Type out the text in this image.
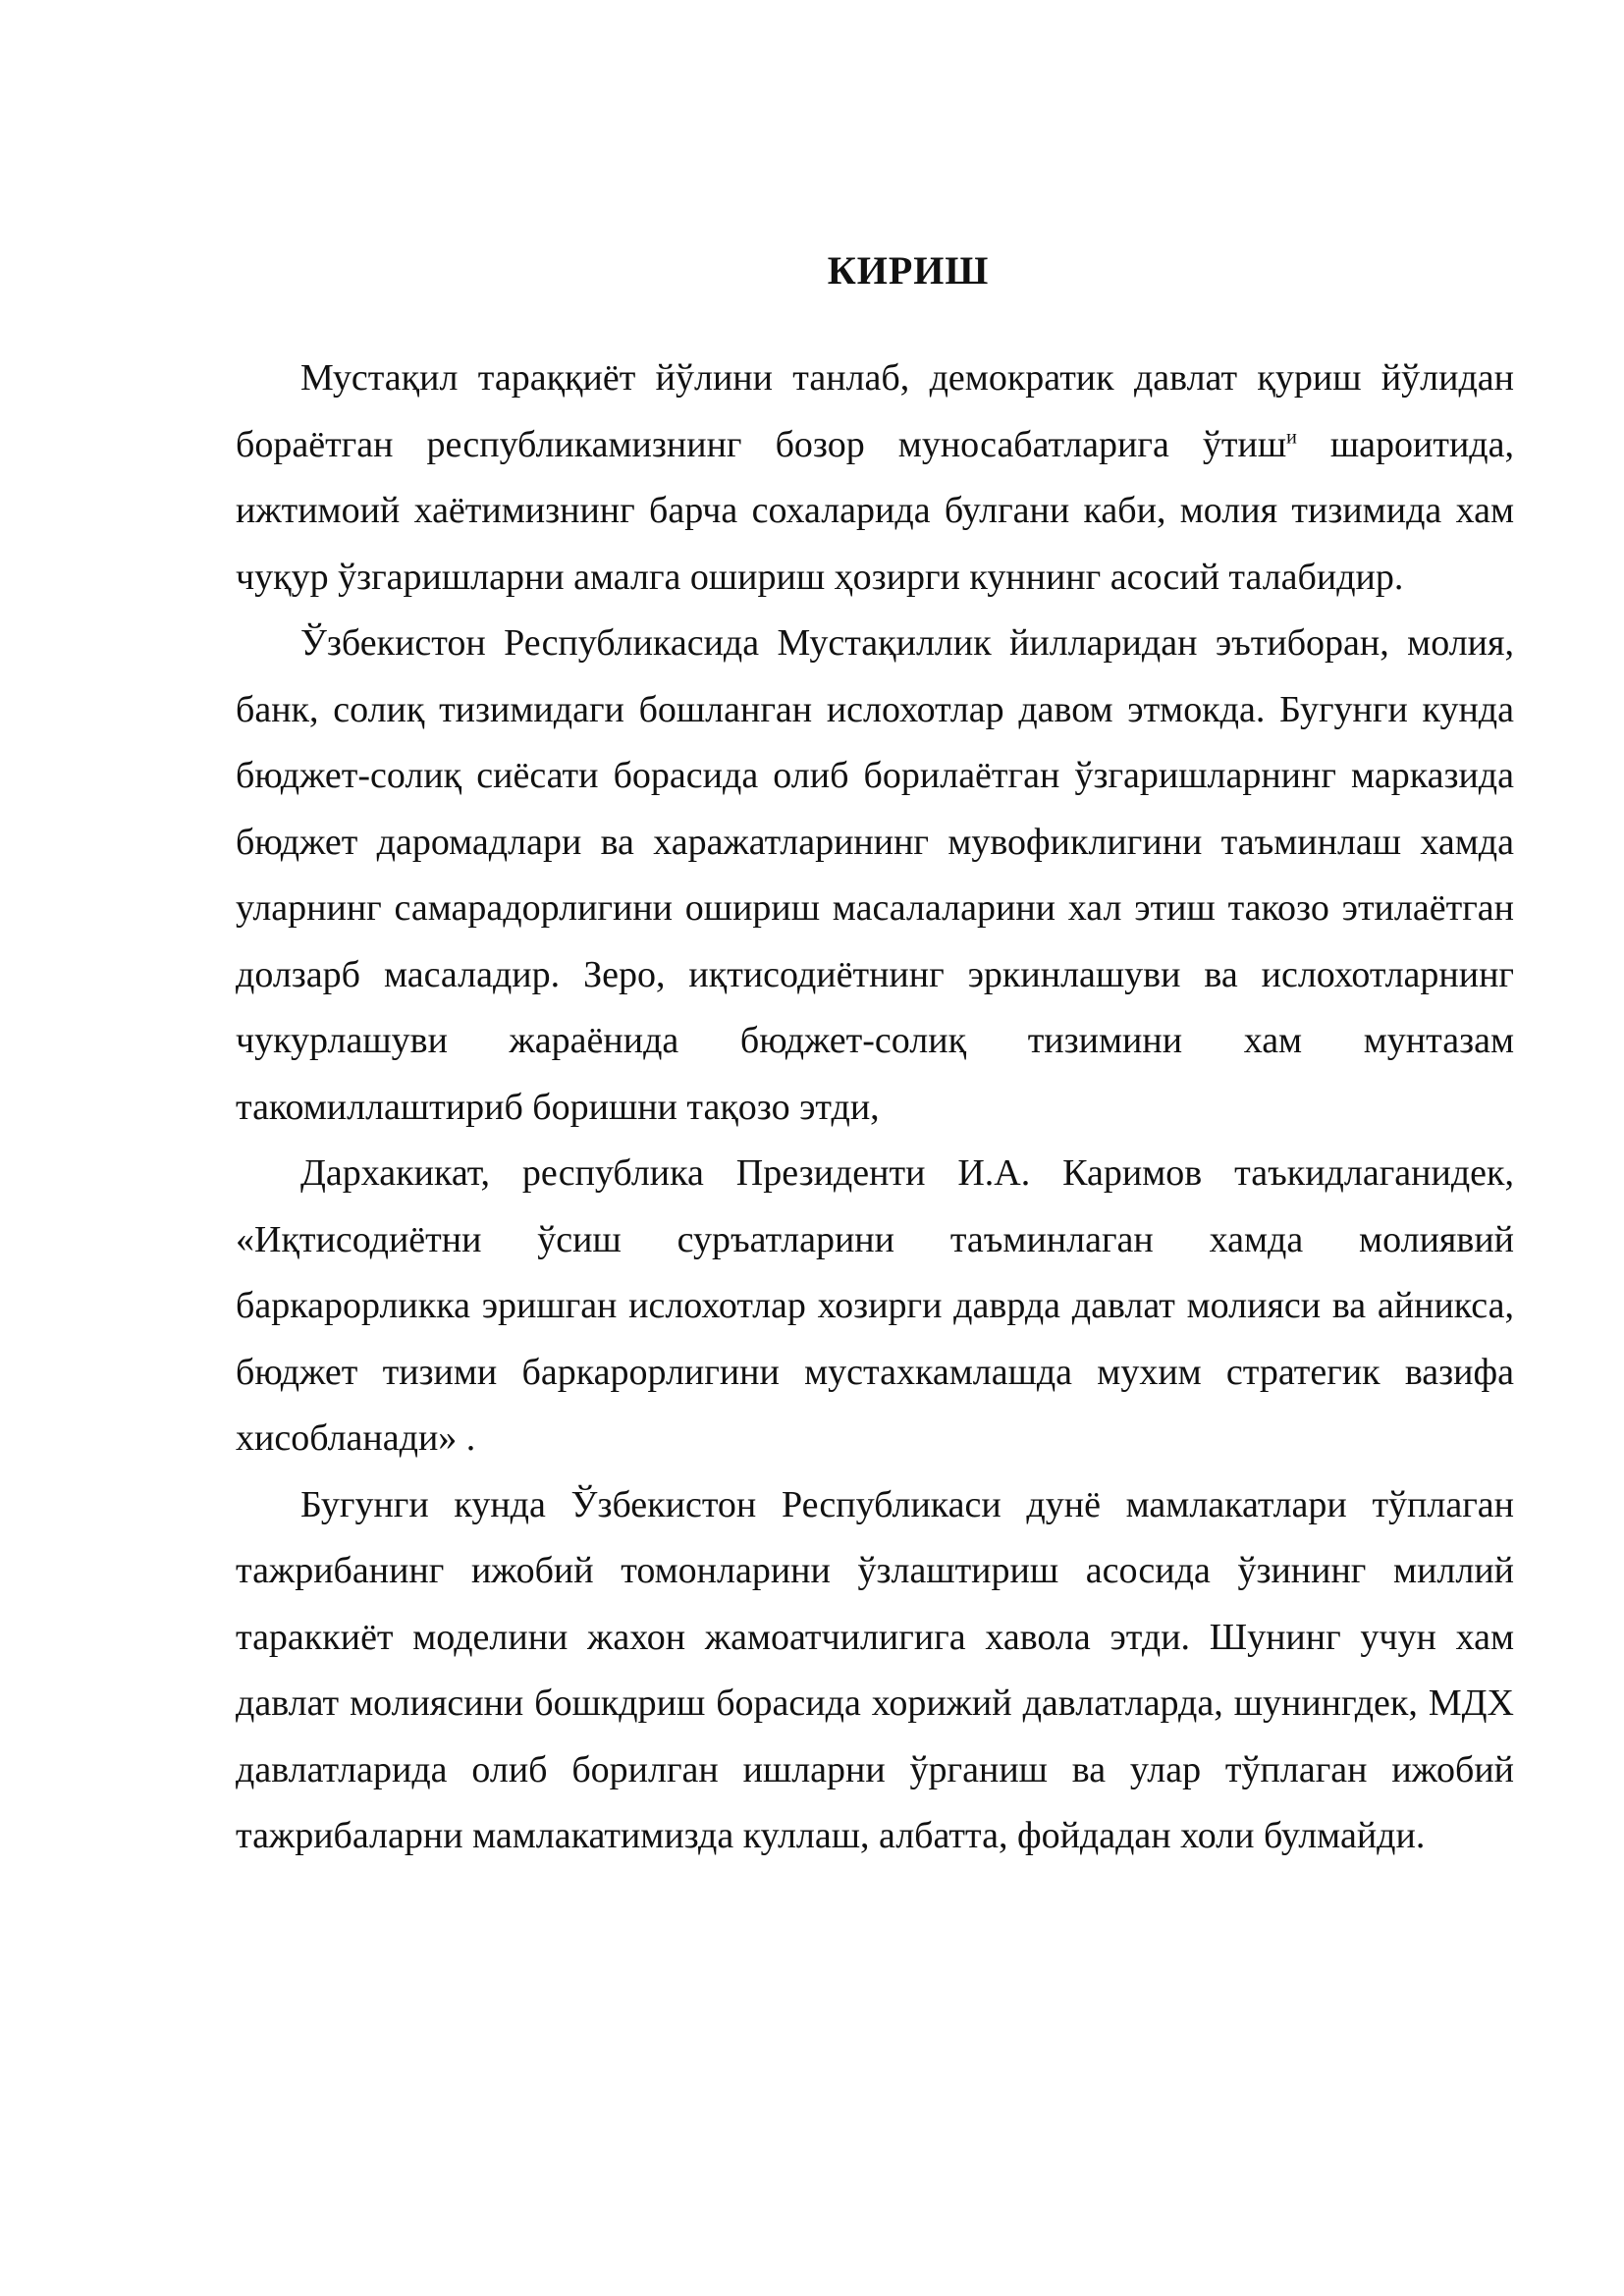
КИРИШ

Мустақил тараққиёт йўлини танлаб, демократик давлат қуриш йўлидан бораётган республикамизнинг бозор муносабатларига ўтиш$^и$ шароитида, ижтимоий хаётимизнинг барча сохаларида булгани каби, молия тизимида хам чуқур ўзгаришларни амалга ошириш ҳозирги куннинг асосий талабидир.

Ўзбекистон Республикасида Мустақиллик йилларидан эътиборан, молия, банк, солиқ тизимидаги бошланган ислохотлар давом этмокда. Бугунги кунда бюджет-солиқ сиёсати борасида олиб борилаётган ўзгаришларнинг марказида бюджет даромадлари ва харажатларининг мувофиклигини таъминлаш хамда уларнинг самарадорлигини ошириш масалаларини хал этиш такозо этилаётган долзарб масаладир. Зеро, иқтисодиётнинг эркинлашуви ва ислохотларнинг чукурлашуви жараёнида бюджет-солиқ тизимини хам мунтазам такомиллаштириб боришни тақозо этди,

Дархакикат, республика Президенти И.А. Каримов таъкидлаганидек, «Иқтисодиётни ўсиш суръатларини таъминлаган хамда молиявий баркарорликка эришган ислохотлар хозирги даврда давлат молияси ва айникса, бюджет тизими баркарорлигини мустахкамлашда мухим стратегик вазифа хисобланади» .

Бугунги кунда Ўзбекистон Республикаси дунё мамлакатлари тўплаган тажрибанинг ижобий томонларини ўзлаштириш асосида ўзининг миллий тараккиёт моделини жахон жамоатчилигига хавола этди. Шунинг учун хам давлат молиясини бошкдриш борасида хорижий давлатларда, шунингдек, МДХ давлатларида олиб борилган ишларни ўрганиш ва улар тўплаган ижобий тажрибаларни мамлакатимизда куллаш, албатта, фойдадан холи булмайди.
